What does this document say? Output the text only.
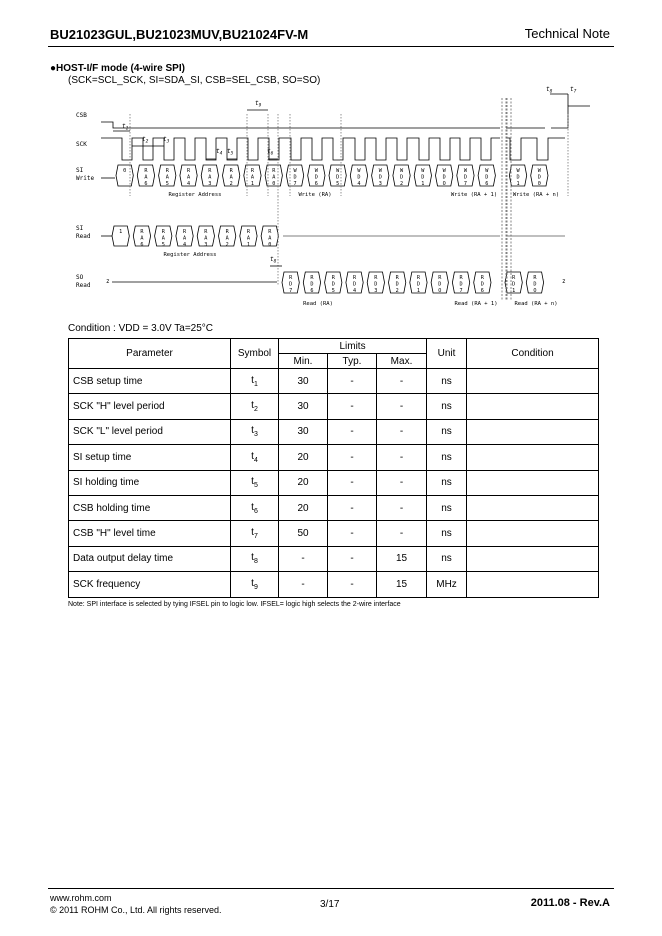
BU21023GUL,BU21023MUV,BU21024FV-M	Technical Note
●HOST-I/F mode (4-wire SPI)
(SCK=SCL_SCK, SI=SDA_SI, CSB=SEL_CSB, SO=SO)
CSB
SCK
SI
Write
SI
Read
SO
Read
0	R
A
6
R
A
5
R
A
4
R
A
3
R
A
2
R
A
1
R
A
0
W
D
7
W
D
6
W
D
5
W
D
4
W
D
3
W
D
2
W
D
1
W
D
O
W
D
7
W
D
6
W
D
1
W
D
0
1	R
A
6
R
A
5
R
A
4
R
A
3
R
A
2
R
A
1
R
A
0
z	R
D
7
R
D
6
R
D
5
R
D
4
R
D
3
R
D
2
R
D
1
R
D
O
R
D
7
R
D
6
R
D
1
R
D
O
z
$t_8$	$t_7$
$t_9$
$t_1$
$t_2$ $t_3$
$t_4$ $t_5$	$t_6$
$t_8$
Register Address	Write (RA)	Write (RA + 1)	Write (RA + n)
Register Address
Read (RA)	Read (RA + 1)	Read (RA + n)
Condition : VDD = 3.0V Ta=25°C
Parameter	Symbol	Limits			Unit	Condition
		Min.	Typ.	Max.		
CSB setup time	$t_1$	30	-	-	ns	
SCK "H" level period	$t_2$	30	-	-	ns	
SCK "L" level period	$t_3$	30	-	-	ns	
SI setup time	$t_4$	20	-	-	ns	
SI holding time	$t_5$	20	-	-	ns	
CSB holding time	$t_6$	20	-	-	ns	
CSB "H" level time	$t_7$	50	-	-	ns	
Data output delay time	$t_8$	-	-	15	ns	
SCK frequency	$t_9$	-	-	15	MHz	
Note: SPI interface is selected by tying IFSEL pin to logic low. IFSEL= logic high selects the 2-wire interface
www.rohm.com
© 2011 ROHM Co., Ltd. All rights reserved.	3/17	2011.08 - Rev.A
